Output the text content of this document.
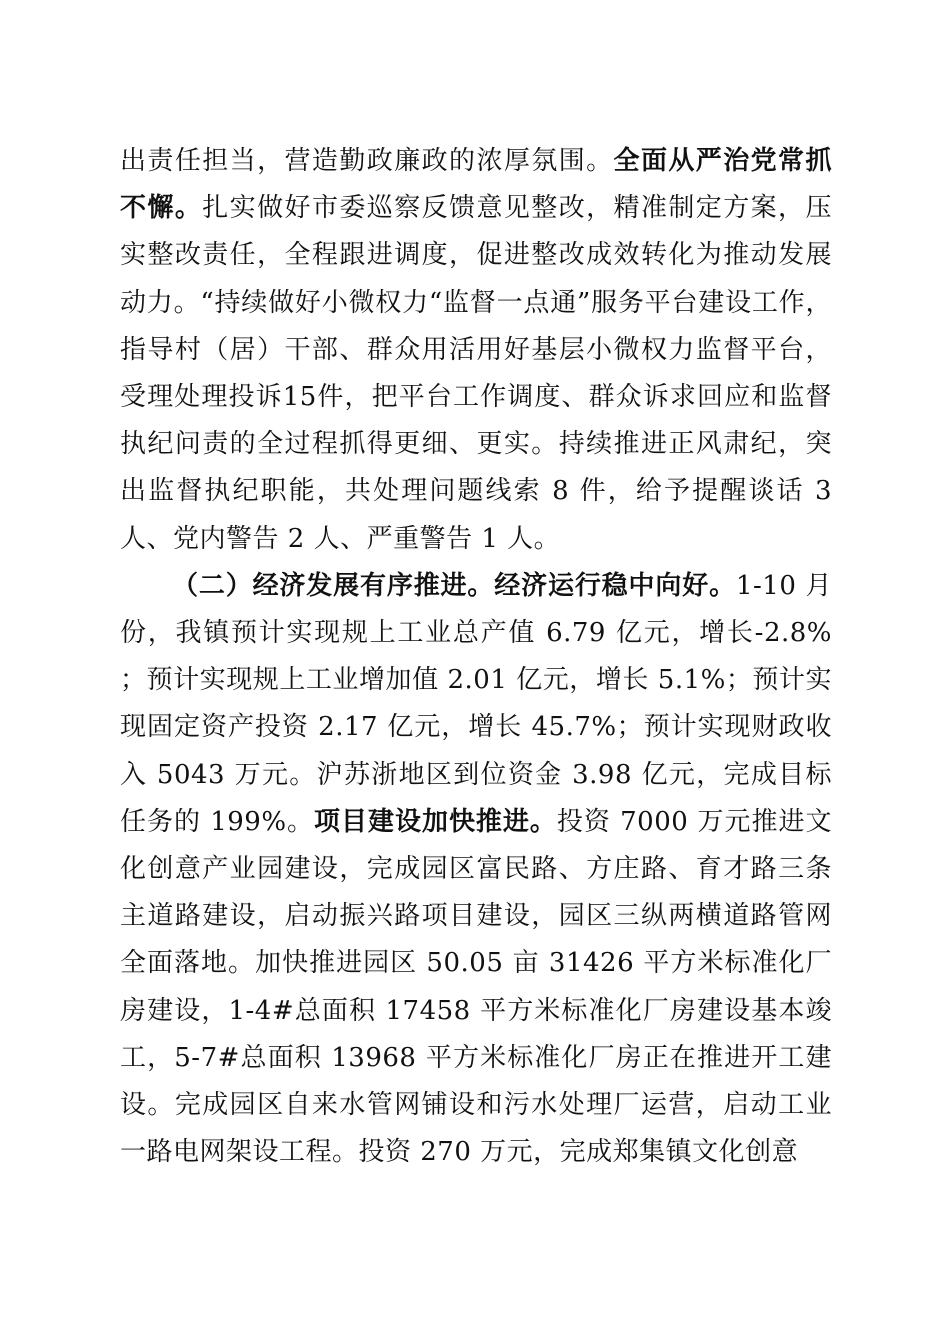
出责任担当，营造勤政廉政的浓厚氛围。全面从严治党常抓不懈。扎实做好市委巡察反馈意见整改，精准制定方案，压实整改责任，全程跟进调度，促进整改成效转化为推动发展动力。“持续做好小微权力“监督一点通”服务平台建设工作，指导村（居）干部、群众用活用好基层小微权力监督平台，受理处理投诉15件，把平台工作调度、群众诉求回应和监督执纪问责的全过程抓得更细、更实。持续推进正风肃纪，突出监督执纪职能，共处理问题线索 8 件，给予提醒谈话 3 人、党内警告 2 人、严重警告 1 人。

（二）经济发展有序推进。经济运行稳中向好。1-10 月份，我镇预计实现规上工业总产值 6.79 亿元，增长-2.8% ；预计实现规上工业增加值 2.01 亿元，增长 5.1%；预计实现固定资产投资 2.17 亿元，增长 45.7%；预计实现财政收入 5043 万元。沪苏浙地区到位资金 3.98 亿元，完成目标任务的 199%。项目建设加快推进。投资 7000 万元推进文化创意产业园建设，完成园区富民路、方庄路、育才路三条主道路建设，启动振兴路项目建设，园区三纵两横道路管网全面落地。加快推进园区 50.05 亩 31426 平方米标准化厂房建设，1-4#总面积 17458 平方米标准化厂房建设基本竣工，5-7#总面积 13968 平方米标准化厂房正在推进开工建设。完成园区自来水管网铺设和污水处理厂运营，启动工业一路电网架设工程。投资 270 万元，完成郑集镇文化创意
